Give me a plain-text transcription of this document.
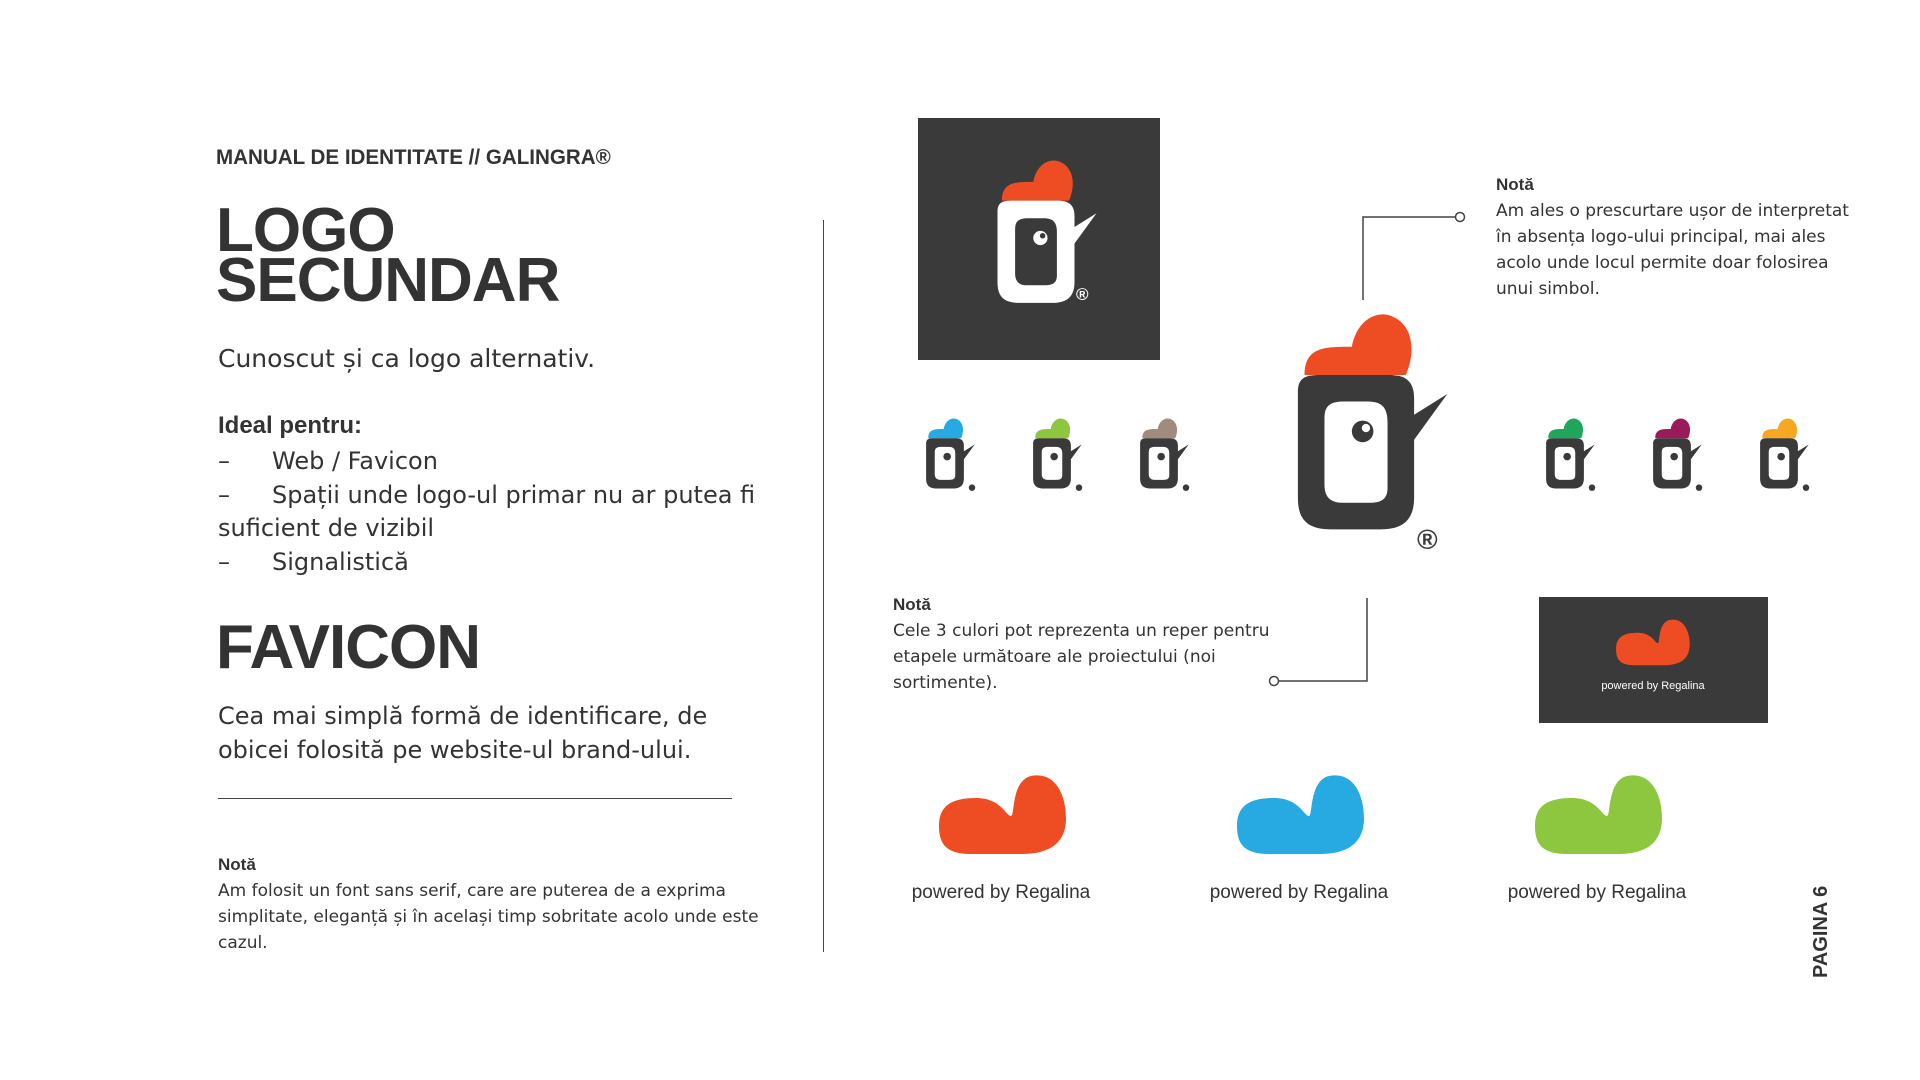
MANUAL DE IDENTITATE // GALINGRA®
LOGO
SECUNDAR
Cunoscut și ca logo alternativ.
Ideal pentru:
– Web / Favicon
– Spații unde logo-ul primar nu ar putea fi suficient de vizibil
– Signalistică
FAVICON
Cea mai simplă formă de identificare, de obicei folosită pe website-ul brand-ului.
Notă
Am folosit un font sans serif, care are puterea de a exprima simplitate, eleganță și în același timp sobritate acolo unde este cazul.
®
Notă
Am ales o prescurtare ușor de interpretat în absența logo-ului principal, mai ales acolo unde locul permite doar folosirea unui simbol.
®
Notă
Cele 3 culori pot reprezenta un reper pentru etapele următoare ale proiectului (noi sortimente).	powered by Regalina
powered by Regalina	powered by Regalina	powered by Regalina	PAGINA 6
